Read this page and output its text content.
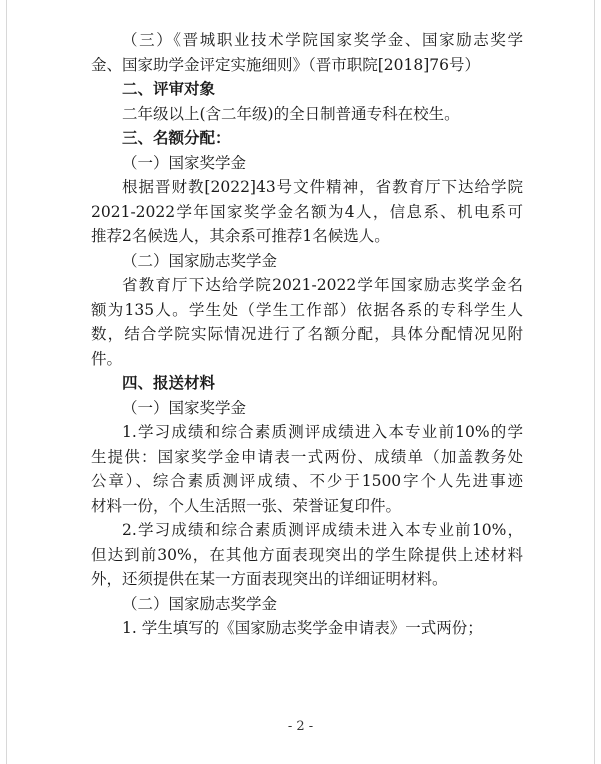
（三）《晋城职业技术学院国家奖学金、国家励志奖学
金、国家助学金评定实施细则》（晋市职院[2018]76号）
二、评审对象
二年级以上(含二年级)的全日制普通专科在校生。
三、名额分配：
（一）国家奖学金
根据晋财教[2022]43号文件精神，省教育厅下达给学院
2021-2022学年国家奖学金名额为4人，信息系、机电系可
推荐2名候选人，其余系可推荐1名候选人。
（二）国家励志奖学金
省教育厅下达给学院2021-2022学年国家励志奖学金名
额为135人。学生处（学生工作部）依据各系的专科学生人
数，结合学院实际情况进行了名额分配，具体分配情况见附
件。
四、报送材料
（一）国家奖学金
1.学习成绩和综合素质测评成绩进入本专业前10%的学
生提供：国家奖学金申请表一式两份、成绩单（加盖教务处
公章）、综合素质测评成绩、不少于1500字个人先进事迹
材料一份，个人生活照一张、荣誉证复印件。
2.学习成绩和综合素质测评成绩未进入本专业前10%，
但达到前30%，在其他方面表现突出的学生除提供上述材料
外，还须提供在某一方面表现突出的详细证明材料。
（二）国家励志奖学金
1. 学生填写的《国家励志奖学金申请表》一式两份；
- 2 -
